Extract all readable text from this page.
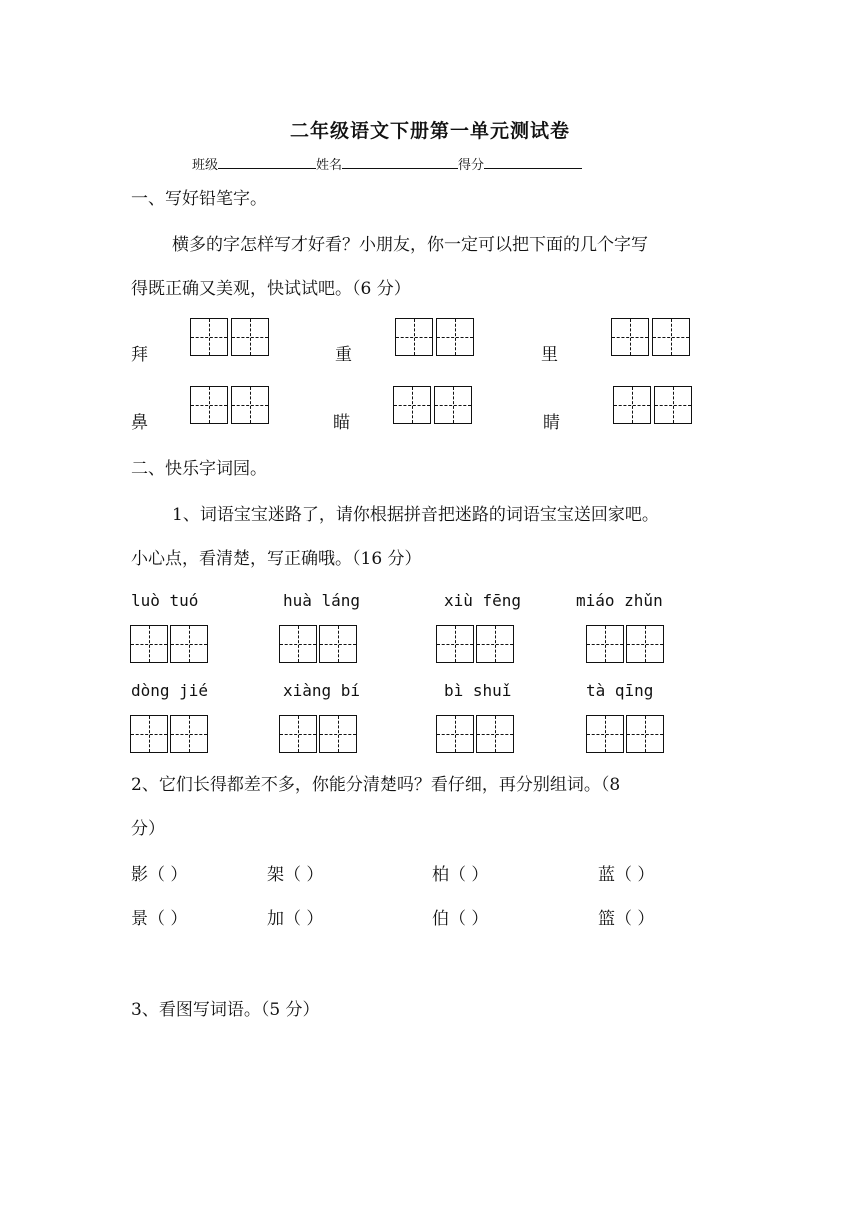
二年级语文下册第一单元测试卷
班级	姓名	得分
一、写好铅笔字。
横多的字怎样写才好看？小朋友，你一定可以把下面的几个字写
得既正确又美观，快试试吧。（6 分）
拜	重	里
鼻	瞄	睛
二、快乐字词园。
1、词语宝宝迷路了，请你根据拼音把迷路的词语宝宝送回家吧。
小心点，看清楚，写正确哦。（16 分）
luò tuó	huà láng	xiù fēng	miáo zhǔn
dòng jié	xiàng bí	bì shuǐ	tà qīng
2、它们长得都差不多，你能分清楚吗？看仔细，再分别组词。（8
分）
影（ ）	架（ ）	柏（ ）	蓝（ ）
景（ ）	加（ ）	伯（ ）	篮（ ）
3、看图写词语。（5 分）
